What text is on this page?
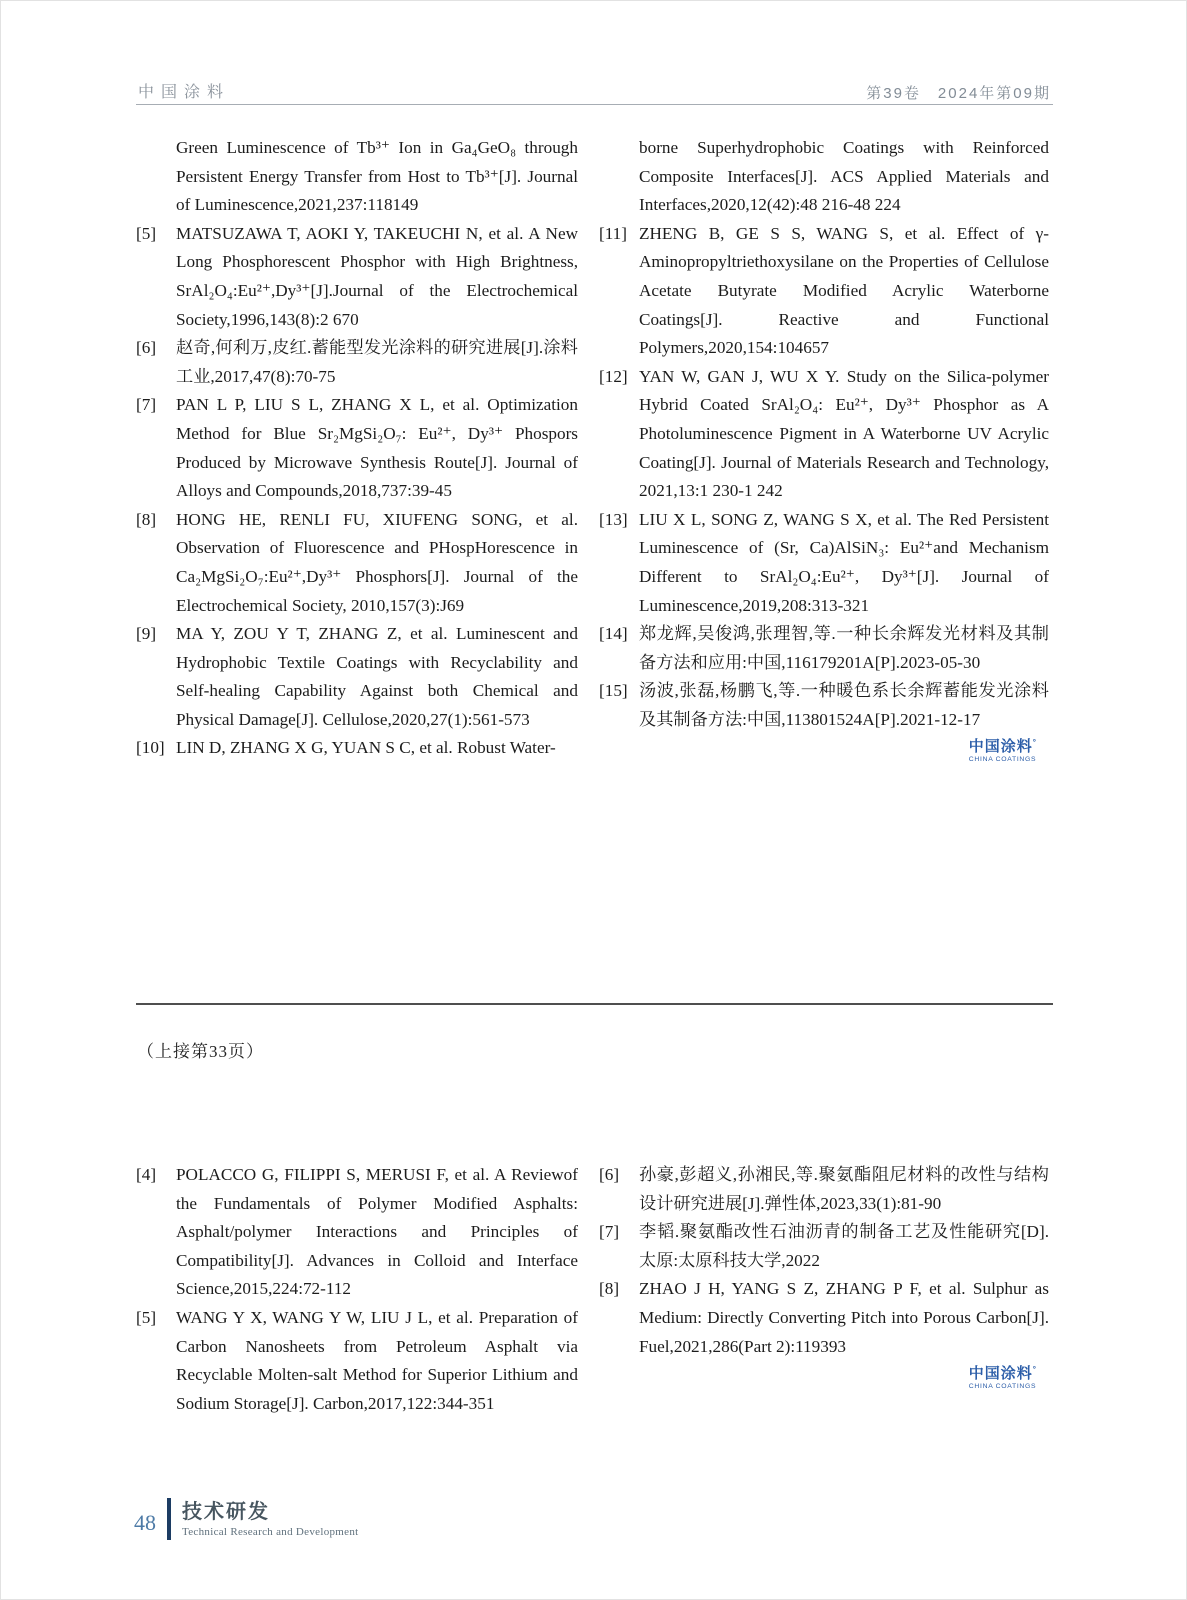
中国涂料	第39卷　2024年第09期

Green Luminescence of Tb³⁺ Ion in Ga₄GeO₈ through Persistent Energy Transfer from Host to Tb³⁺[J]. Journal of Luminescence,2021,237:118149

[5]	MATSUZAWA T, AOKI Y, TAKEUCHI N, et al. A New Long Phosphorescent Phosphor with High Brightness, SrAl₂O₄:Eu²⁺,Dy³⁺[J].Journal of the Electrochemical Society,1996,143(8):2 670

[6]	赵奇,何利万,皮红.蓄能型发光涂料的研究进展[J].涂料工业,2017,47(8):70-75

[7]	PAN L P, LIU S L, ZHANG X L, et al. Optimization Method for Blue Sr₂MgSi₂O₇: Eu²⁺, Dy³⁺ Phospors Produced by Microwave Synthesis Route[J]. Journal of Alloys and Compounds,2018,737:39-45

[8]	HONG HE, RENLI FU, XIUFENG SONG, et al. Observation of Fluorescence and PHospHorescence in Ca₂MgSi₂O₇:Eu²⁺,Dy³⁺ Phosphors[J]. Journal of the Electrochemical Society, 2010,157(3):J69

[9]	MA Y, ZOU Y T, ZHANG Z, et al. Luminescent and Hydrophobic Textile Coatings with Recyclability and Self-healing Capability Against both Chemical and Physical Damage[J]. Cellulose,2020,27(1):561-573

[10] LIN D, ZHANG X G, YUAN S C, et al. Robust Water-

borne Superhydrophobic Coatings with Reinforced Composite Interfaces[J]. ACS Applied Materials and Interfaces,2020,12(42):48 216-48 224

[11] ZHENG B, GE S S, WANG S, et al. Effect of γ-Aminopropyltriethoxysilane on the Properties of Cellulose Acetate Butyrate Modified Acrylic Waterborne Coatings[J]. Reactive and Functional Polymers,2020,154:104657

[12] YAN W, GAN J, WU X Y. Study on the Silica-polymer Hybrid Coated SrAl₂O₄: Eu²⁺, Dy³⁺ Phosphor as A Photoluminescence Pigment in A Waterborne UV Acrylic Coating[J]. Journal of Materials Research and Technology, 2021,13:1 230-1 242

[13] LIU X L, SONG Z, WANG S X, et al. The Red Persistent Luminescence of (Sr, Ca)AlSiN₃: Eu²⁺and Mechanism Different to SrAl₂O₄:Eu²⁺, Dy³⁺[J]. Journal of Luminescence,2019,208:313-321

[14] 郑龙辉,吴俊鸿,张理智,等.一种长余辉发光材料及其制备方法和应用:中国,116179201A[P].2023-05-30

[15] 汤波,张磊,杨鹏飞,等.一种暖色系长余辉蓄能发光涂料及其制备方法:中国,113801524A[P].2021-12-17

中国涂料°
CHINA COATINGS
（上接第33页）
[4]	POLACCO G, FILIPPI S, MERUSI F, et al. A Reviewof the Fundamentals of Polymer Modified Asphalts: Asphalt/polymer Interactions and Principles of Compatibility[J]. Advances in Colloid and Interface Science,2015,224:72-112

[5]	WANG Y X, WANG Y W, LIU J L, et al. Preparation of Carbon Nanosheets from Petroleum Asphalt via Recyclable Molten-salt Method for Superior Lithium and Sodium Storage[J]. Carbon,2017,122:344-351

[6]	孙豪,彭超义,孙湘民,等.聚氨酯阻尼材料的改性与结构设计研究进展[J].弹性体,2023,33(1):81-90

[7]	李韬.聚氨酯改性石油沥青的制备工艺及性能研究[D].太原:太原科技大学,2022

[8]	ZHAO J H, YANG S Z, ZHANG P F, et al. Sulphur as Medium: Directly Converting Pitch into Porous Carbon[J]. Fuel,2021,286(Part 2):119393

中国涂料°
CHINA COATINGS
48 技术研发
Technical Research and Development
